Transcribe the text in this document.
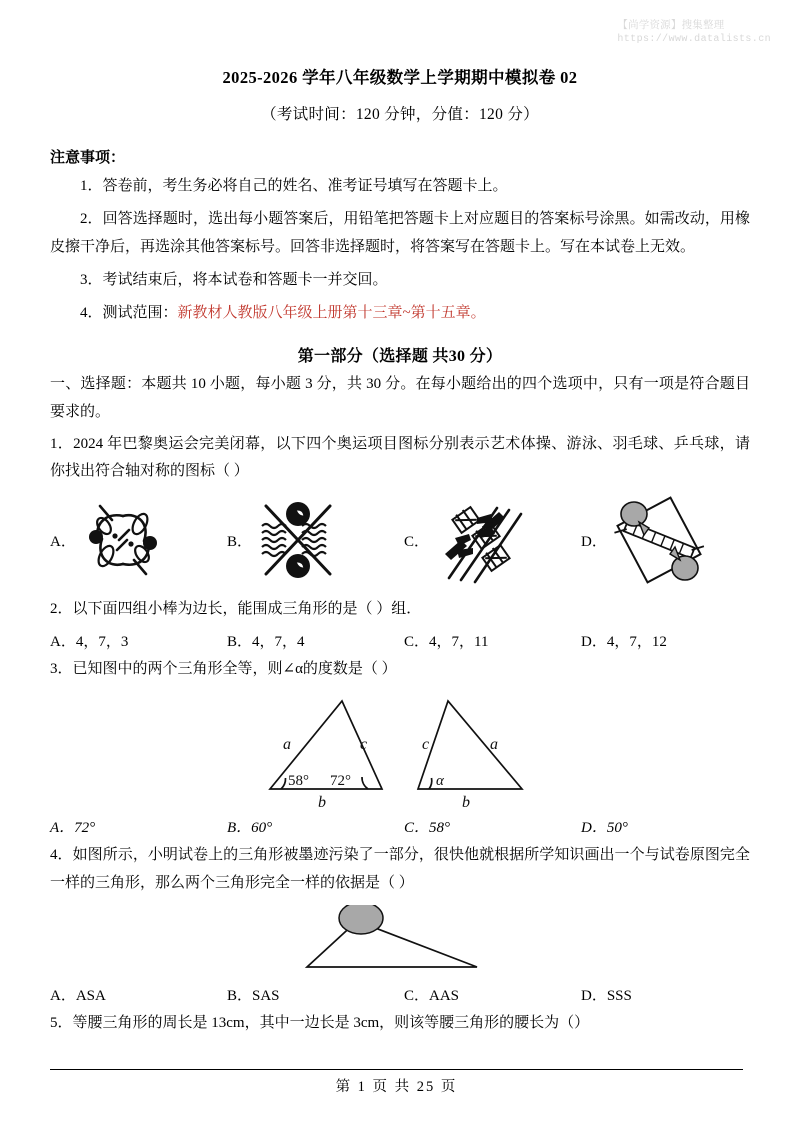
【尚学资源】搜集整理
https://www.datalists.cn
2025-2026 学年八年级数学上学期期中模拟卷 02
（考试时间：120 分钟，分值：120 分）
注意事项：
1．答卷前，考生务必将自己的姓名、准考证号填写在答题卡上。
2．回答选择题时，选出每小题答案后，用铅笔把答题卡上对应题目的答案标号涂黑。如需改动，用橡皮擦干净后，再选涂其他答案标号。回答非选择题时，将答案写在答题卡上。写在本试卷上无效。
3．考试结束后，将本试卷和答题卡一并交回。
4．测试范围：新教材人教版八年级上册第十三章~第十五章。
第一部分（选择题 共30 分）
一、选择题：本题共 10 小题，每小题 3 分，共 30 分。在每小题给出的四个选项中，只有一项是符合题目要求的。
1．2024 年巴黎奥运会完美闭幕，以下四个奥运项目图标分别表示艺术体操、游泳、羽毛球、乒乓球，请你找出符合轴对称的图标（ ）
A．	B．	C．	D．
2．以下面四组小棒为边长，能围成三角形的是（ ）组．
A．4，7，3	B．4，7，4	C．4，7，11	D．4，7，12
3．已知图中的两个三角形全等，则∠α的度数是（ ）
a	c
b
58° 72°
c	a
b
α
A．72°	B．60°	C．58°	D．50°
4．如图所示，小明试卷上的三角形被墨迹污染了一部分，很快他就根据所学知识画出一个与试卷原图完全一样的三角形，那么两个三角形完全一样的依据是（ ）
A．ASA	B．SAS	C．AAS	D．SSS
5．等腰三角形的周长是 13cm，其中一边长是 3cm，则该等腰三角形的腰长为（）
第 1 页 共 25 页
